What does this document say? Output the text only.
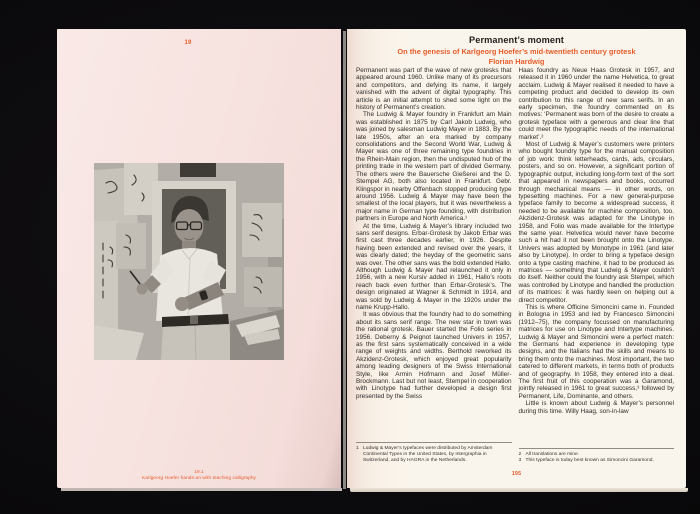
19
19.1
Karlgeorg Hoefer hands-on with teaching calligraphy
Permanent’s moment
On the genesis of Karlgeorg Hoefer’s mid-twentieth century grotesk
Florian Hardwig

Permanent was part of the wave of new grotesks that appeared around 1960. Unlike many of its precursors and competitors, and defying its name, it largely vanished with the advent of digital typography. This article is an initial attempt to shed some light on the history of Permanent’s creation.

The Ludwig & Mayer foundry in Frankfurt am Main was established in 1875 by Carl Jakob Ludwig, who was joined by salesman Ludwig Mayer in 1883. By the late 1950s, after an era marked by company consolidations and the Second World War, Ludwig & Mayer was one of three remaining type foundries in the Rhein-Main region, then the undisputed hub of the printing trade in the western part of divided Germany. The others were the Bauersche Gießerei and the D. Stempel AG, both also located in Frankfurt. Gebr. Klingspor in nearby Offenbach stopped producing type around 1956. Ludwig & Mayer may have been the smallest of the local players, but it was nevertheless a major name in German type founding, with distribution partners in Europe and North America.¹

At the time, Ludwig & Mayer’s library included two sans serif designs. Erbar-Grotesk by Jakob Erbar was first cast three decades earlier, in 1926. Despite having been extended and revised over the years, it was clearly dated; the heyday of the geometric sans was over. The other sans was the bold extended Hallo. Although Ludwig & Mayer had relaunched it only in 1956, with a new Kursiv added in 1961, Hallo’s roots reach back even further than Erbar-Grotesk’s. The design originated at Wagner & Schmidt in 1914, and was sold by Ludwig & Mayer in the 1920s under the name Krupp-Hallo.

It was obvious that the foundry had to do something about its sans serif range. The new star in town was the rational grotesk. Bauer started the Folio series in 1956. Deberny & Peignot launched Univers in 1957, as the first sans systematically conceived in a wide range of weights and widths. Berthold reworked its Akzidenz-Grotesk, which enjoyed great popularity among leading designers of the Swiss International Style, like Armin Hofmann and Josef Müller-Brockmann. Last but not least, Stempel in cooperation with Linotype had further developed a design first presented by the Swiss

1 Ludwig & Mayer’s typefaces were distributed by Amsterdam Continental Types in the United States, by Intergraphia in Switzerland, and by HAGRA in the Netherlands.

Haas foundry as Neue Haas Grotesk in 1957, and released it in 1960 under the name Helvetica, to great acclaim. Ludwig & Mayer realised it needed to have a competing product and decided to develop its own contribution to this range of new sans serifs. In an early specimen, the foundry commented on its motives: ‘Permanent was born of the desire to create a grotesk typeface with a generous and clear line that could meet the typographic needs of the international market’.²

Most of Ludwig & Mayer’s customers were printers who bought foundry type for the manual composition of job work: think letterheads, cards, ads, circulars, posters, and so on. However, a significant portion of typographic output, including long-form text of the sort that appeared in newspapers and books, occurred through mechanical means — in other words, on typesetting machines. For a new general-purpose typeface family to become a widespread success, it needed to be available for machine composition, too. Akzidenz-Grotesk was adapted for the Linotype in 1958, and Folio was made available for the Intertype the same year. Helvetica would never have become such a hit had it not been brought onto the Linotype. Univers was adopted by Monotype in 1961 (and later also by Linotype). In order to bring a typeface design onto a type casting machine, it had to be produced as matrices — something that Ludwig & Mayer couldn’t do itself. Neither could the foundry ask Stempel, which was controlled by Linotype and handled the production of its matrices: it was hardly keen on helping out a direct competitor.

This is where Officine Simoncini came in. Founded in Bologna in 1953 and led by Francesco Simoncini (1912–75), the company focussed on manufacturing matrices for use on Linotype and Intertype machines. Ludwig & Mayer and Simoncini were a perfect match: the Germans had experience in developing type designs, and the Italians had the skills and means to bring them onto the machines. Most important, the two catered to different markets, in terms both of products and of geography. In 1958, they entered into a deal. The first fruit of this cooperation was a Garamond, jointly released in 1961 to great success,³ followed by Permanent, Life, Dominante, and others.

Little is known about Ludwig & Mayer’s personnel during this time. Willy Haag, son-in-law

2 All translations are mine.
3 This typeface is today best known as Simoncini Garamond.
195
